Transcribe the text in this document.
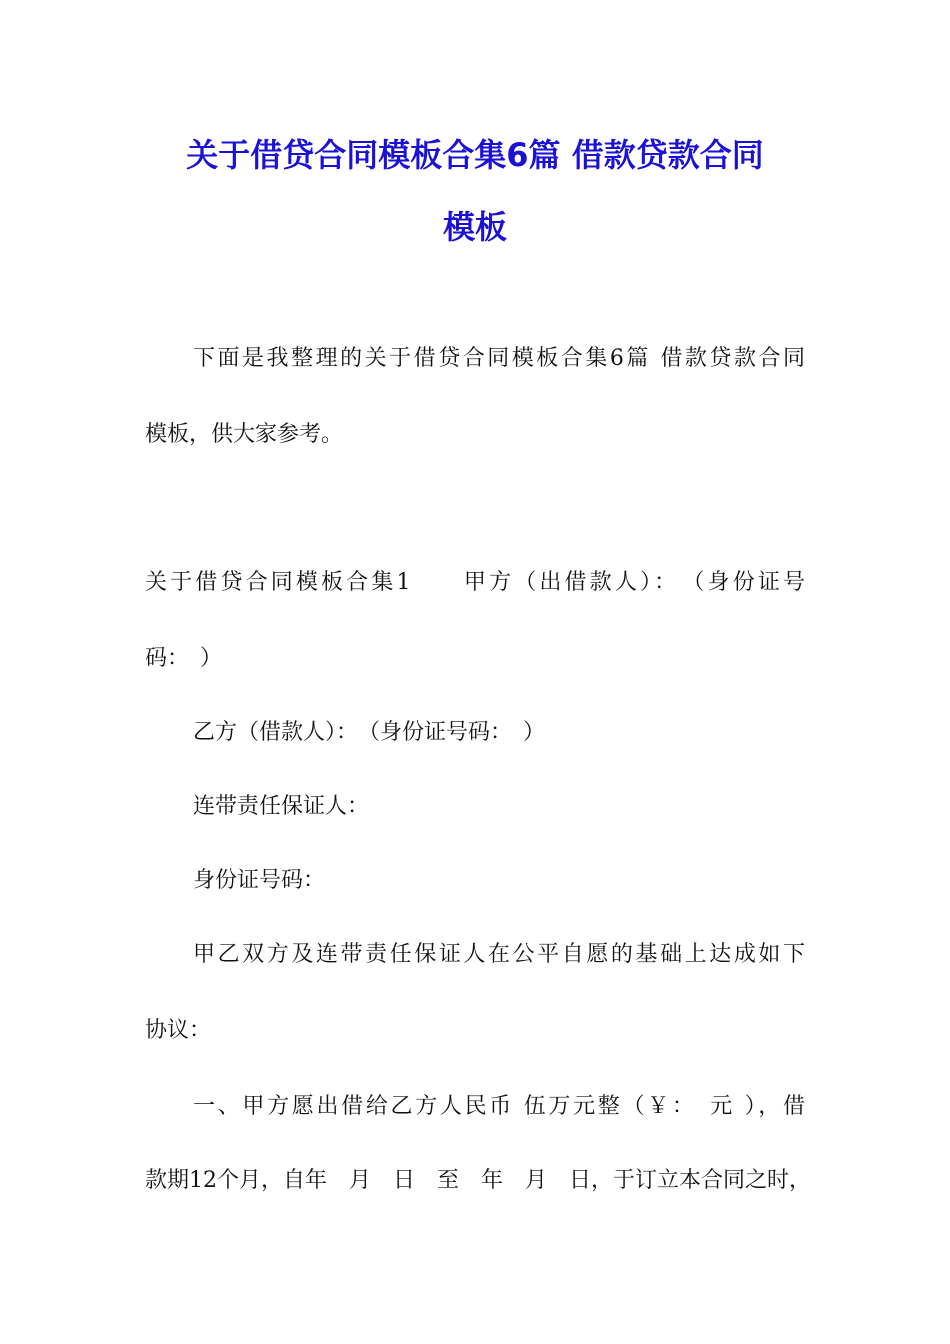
关于借贷合同模板合集6篇 借款贷款合同
模板
下面是我整理的关于借贷合同模板合集6篇 借款贷款合同
模板，供大家参考。
关于借贷合同模板合集1　　甲方（出借款人）：　（身份证号
码：　）
乙方（借款人）：　（身份证号码：　）
连带责任保证人：
身份证号码：
甲乙双方及连带责任保证人在公平自愿的基础上达成如下
协议：
一、甲方愿出借给乙方人民币 伍万元整（￥：　元 ），借
款期12个月，自年　月　日　至　年　月　日，于订立本合同之时，
